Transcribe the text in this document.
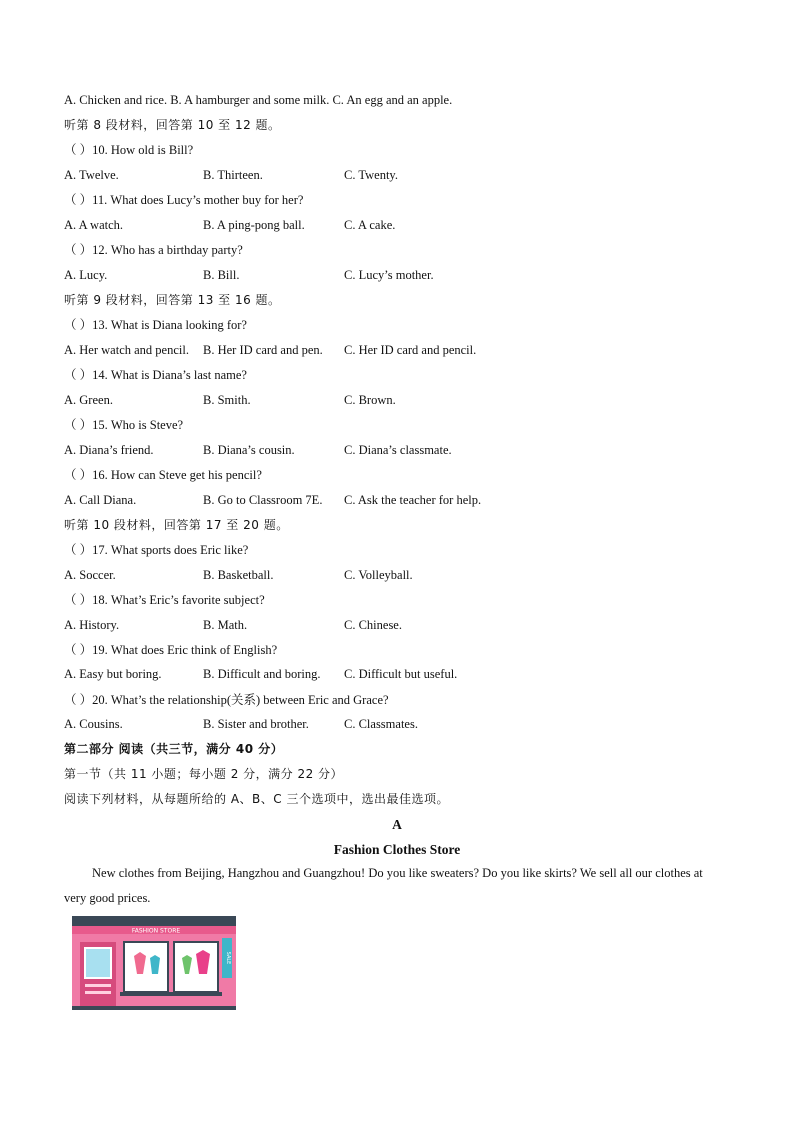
A. Chicken and rice. B. A hamburger and some milk. C. An egg and an apple.
听第 8 段材料，回答第 10 至 12 题。
（ ）10. How old is Bill?
A. Twelve.	B. Thirteen.	C. Twenty.
（ ）11. What does Lucy’s mother buy for her?
A. A watch.	B. A ping-pong ball.	C. A cake.
（ ）12. Who has a birthday party?
A. Lucy.	B. Bill.	C. Lucy’s mother.
听第 9 段材料，回答第 13 至 16 题。
（ ）13. What is Diana looking for?
A. Her watch and pencil. B. Her ID card and pen. C. Her ID card and pencil.
（ ）14. What is Diana’s last name?
A. Green.	B. Smith.	C. Brown.
（ ）15. Who is Steve?
A. Diana’s friend.	B. Diana’s cousin.	C. Diana’s classmate.
（ ）16. How can Steve get his pencil?
A. Call Diana.	B. Go to Classroom 7E. C. Ask the teacher for help.
听第 10 段材料，回答第 17 至 20 题。
（ ）17. What sports does Eric like?
A. Soccer.	B. Basketball.	C. Volleyball.
（ ）18. What’s Eric’s favorite subject?
A. History.	B. Math.	C. Chinese.
（ ）19. What does Eric think of English?
A. Easy but boring.	B. Difficult and boring. C. Difficult but useful.
（ ）20. What’s the relationship(关系) between Eric and Grace?
A. Cousins.	B. Sister and brother.	C. Classmates.
第二部分 阅读（共三节，满分 40 分）
第一节（共 11 小题；每小题 2 分，满分 22 分）
阅读下列材料，从每题所给的 A、B、C 三个选项中，选出最佳选项。
A
Fashion Clothes Store
New clothes from Beijing, Hangzhou and Guangzhou! Do you like sweaters? Do you like skirts? We sell all our clothes at very good prices.
FASHION STORE
SALE
